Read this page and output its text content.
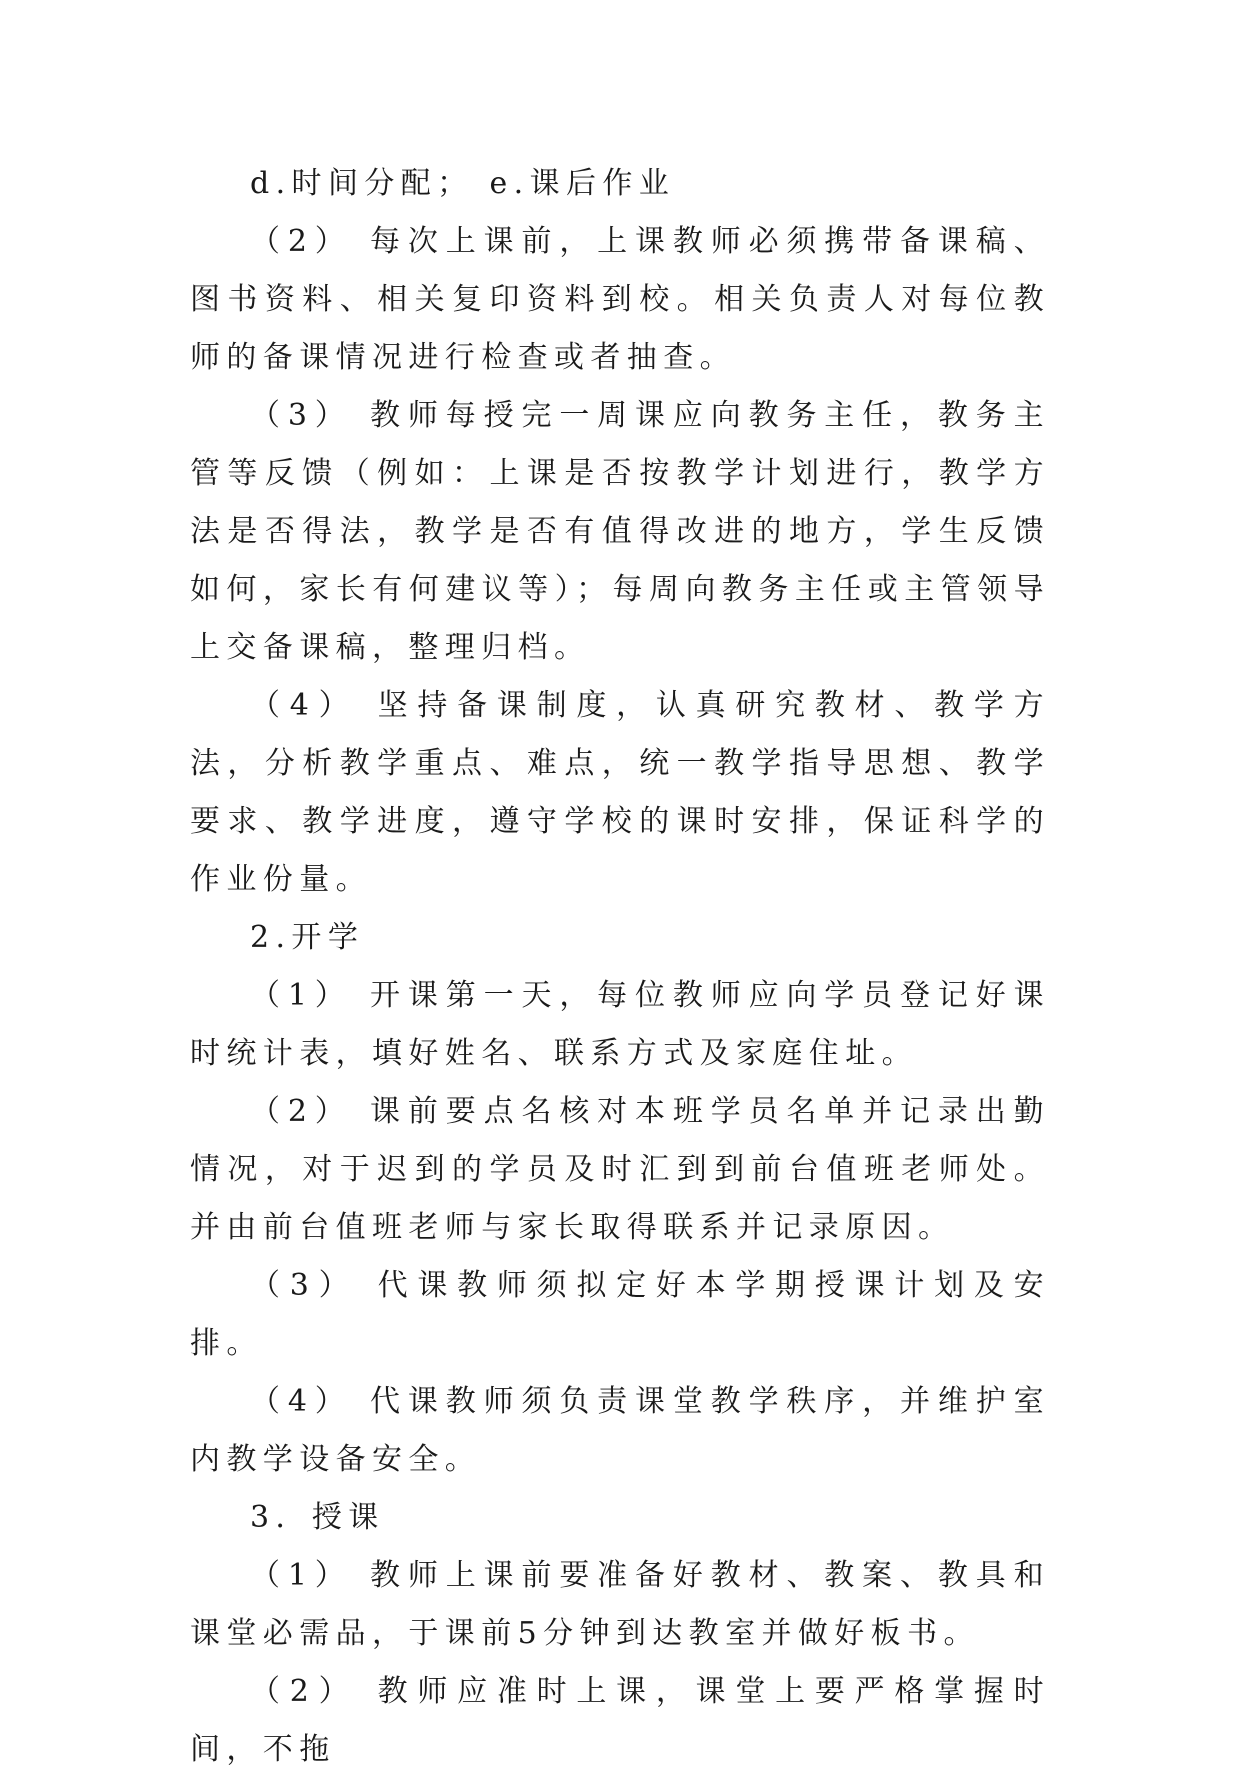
d.时间分配； e.课后作业

（2） 每次上课前，上课教师必须携带备课稿、图书资料、相关复印资料到校。相关负责人对每位教师的备课情况进行检查或者抽查。

（3） 教师每授完一周课应向教务主任，教务主管等反馈（例如：上课是否按教学计划进行，教学方法是否得法，教学是否有值得改进的地方，学生反馈如何，家长有何建议等）；每周向教务主任或主管领导上交备课稿，整理归档。

（4） 坚持备课制度，认真研究教材、教学方法，分析教学重点、难点，统一教学指导思想、教学要求、教学进度，遵守学校的课时安排，保证科学的作业份量。

2.开学

（1） 开课第一天，每位教师应向学员登记好课时统计表，填好姓名、联系方式及家庭住址。

（2） 课前要点名核对本班学员名单并记录出勤情况，对于迟到的学员及时汇到到前台值班老师处。并由前台值班老师与家长取得联系并记录原因。

（3） 代课教师须拟定好本学期授课计划及安排。

（4） 代课教师须负责课堂教学秩序，并维护室内教学设备安全。

3．授课

（1） 教师上课前要准备好教材、教案、教具和课堂必需品，于课前5分钟到达教室并做好板书。

（2） 教师应准时上课，课堂上要严格掌握时间，不拖
